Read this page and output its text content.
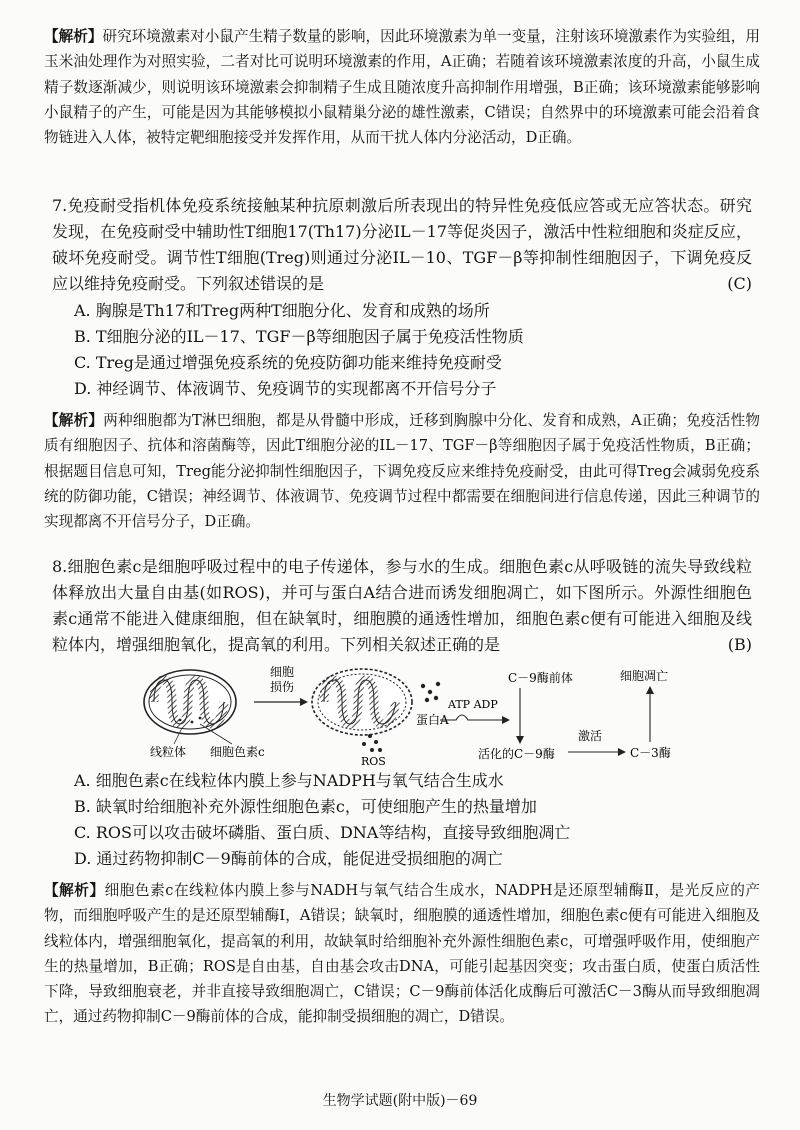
【解析】研究环境激素对小鼠产生精子数量的影响，因此环境激素为单一变量，注射该环境激素作为实验组，用玉米油处理作为对照实验，二者对比可说明环境激素的作用，A正确；若随着该环境激素浓度的升高，小鼠生成精子数逐渐减少，则说明该环境激素会抑制精子生成且随浓度升高抑制作用增强，B正确；该环境激素能够影响小鼠精子的产生，可能是因为其能够模拟小鼠精巢分泌的雄性激素，C错误；自然界中的环境激素可能会沿着食物链进入人体，被特定靶细胞接受并发挥作用，从而干扰人体内分泌活动，D正确。
7.免疫耐受指机体免疫系统接触某种抗原刺激后所表现出的特异性免疫低应答或无应答状态。研究发现，在免疫耐受中辅助性T细胞17(Th17)分泌IL－17等促炎因子，激活中性粒细胞和炎症反应，破坏免疫耐受。调节性T细胞(Treg)则通过分泌IL－10、TGF－β等抑制性细胞因子，下调免疫反应以维持免疫耐受。下列叙述错误的是	(C)
A. 胸腺是Th17和Treg两种T细胞分化、发育和成熟的场所
B. T细胞分泌的IL－17、TGF－β等细胞因子属于免疫活性物质
C. Treg是通过增强免疫系统的免疫防御功能来维持免疫耐受
D. 神经调节、体液调节、免疫调节的实现都离不开信号分子
【解析】两种细胞都为T淋巴细胞，都是从骨髓中形成，迁移到胸腺中分化、发育和成熟，A正确；免疫活性物质有细胞因子、抗体和溶菌酶等，因此T细胞分泌的IL－17、TGF－β等细胞因子属于免疫活性物质，B正确；根据题目信息可知，Treg能分泌抑制性细胞因子，下调免疫反应来维持免疫耐受，由此可得Treg会减弱免疫系统的防御功能，C错误；神经调节、体液调节、免疫调节过程中都需要在细胞间进行信息传递，因此三种调节的实现都离不开信号分子，D正确。
8.细胞色素c是细胞呼吸过程中的电子传递体，参与水的生成。细胞色素c从呼吸链的流失导致线粒体释放出大量自由基(如ROS)，并可与蛋白A结合进而诱发细胞凋亡，如下图所示。外源性细胞色素c通常不能进入健康细胞，但在缺氧时，细胞膜的通透性增加，细胞色素c便有可能进入细胞及线粒体内，增强细胞氧化，提高氧的利用。下列相关叙述正确的是	(B)
线粒体 细胞色素c
细胞
损伤
ROS
蛋白A
ATP ADP
C－9酶前体
活化的C－9酶
激活
C－3酶
细胞凋亡
A. 细胞色素c在线粒体内膜上参与NADPH与氧气结合生成水
B. 缺氧时给细胞补充外源性细胞色素c，可使细胞产生的热量增加
C. ROS可以攻击破坏磷脂、蛋白质、DNA等结构，直接导致细胞凋亡
D. 通过药物抑制C－9酶前体的合成，能促进受损细胞的凋亡
【解析】细胞色素c在线粒体内膜上参与NADH与氧气结合生成水，NADPH是还原型辅酶Ⅱ，是光反应的产物，而细胞呼吸产生的是还原型辅酶Ⅰ，A错误；缺氧时，细胞膜的通透性增加，细胞色素c便有可能进入细胞及线粒体内，增强细胞氧化，提高氧的利用，故缺氧时给细胞补充外源性细胞色素c，可增强呼吸作用，使细胞产生的热量增加，B正确；ROS是自由基，自由基会攻击DNA，可能引起基因突变；攻击蛋白质，使蛋白质活性下降，导致细胞衰老，并非直接导致细胞凋亡，C错误；C－9酶前体活化成酶后可激活C－3酶从而导致细胞凋亡，通过药物抑制C－9酶前体的合成，能抑制受损细胞的凋亡，D错误。
生物学试题(附中版)－69
